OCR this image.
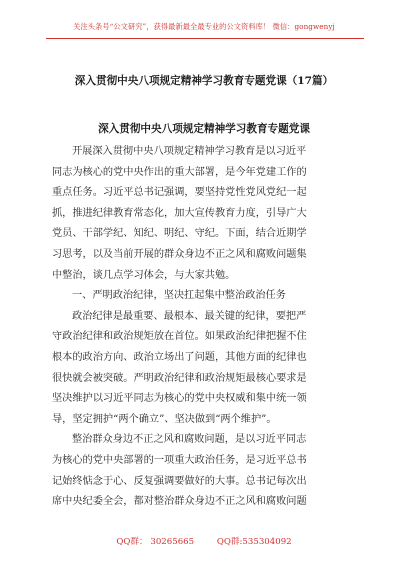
关注头条号“公文研究”，获得最新最全最专业的公文资料库！ 微信：gongwenyj
深入贯彻中央八项规定精神学习教育专题党课（17篇）
深入贯彻中央八项规定精神学习教育专题党课
开展深入贯彻中央八项规定精神学习教育是以习近平
同志为核心的党中央作出的重大部署，是今年党建工作的
重点任务。习近平总书记强调，要坚持党性党风党纪一起
抓，推进纪律教育常态化，加大宣传教育力度，引导广大
党员、干部学纪、知纪、明纪、守纪。下面，结合近期学
习思考，以及当前开展的群众身边不正之风和腐败问题集
中整治，谈几点学习体会，与大家共勉。
一、严明政治纪律，坚决扛起集中整治政治任务
政治纪律是最重要、最根本、最关键的纪律，要把严
守政治纪律和政治规矩放在首位。如果政治纪律把握不住
根本的政治方向、政治立场出了问题，其他方面的纪律也
很快就会被突破。严明政治纪律和政治规矩最核心要求是
坚决维护以习近平同志为核心的党中央权威和集中统一领
导，坚定拥护“两个确立”、坚决做到“两个维护”。
整治群众身边不正之风和腐败问题，是以习近平同志
为核心的党中央部署的一项重大政治任务，是习近平总书
记始终惦念于心、反复强调要做好的大事。总书记每次出
席中央纪委全会，都对整治群众身边不正之风和腐败问题
QQ群： 30265665	QQ群:535304092
